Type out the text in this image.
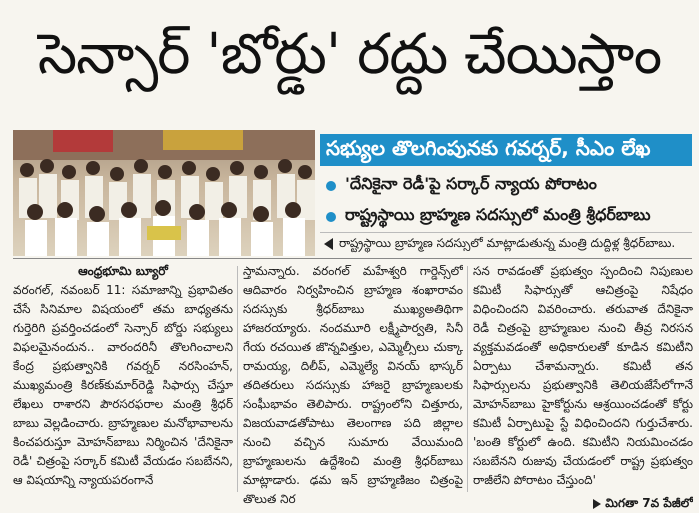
సెన్సార్ 'బోర్డు' రద్దు చేయిస్తాం
సభ్యుల తొలగింపునకు గవర్నర్, సీఎం లేఖ
'దేనికైనా రెడీ'పై సర్కార్ న్యాయ పోరాటం
రాష్ట్రస్థాయి బ్రాహ్మణ సదస్సులో మంత్రి శ్రీధర్‌బాబు
రాష్ట్రస్థాయి బ్రాహ్మణ సదస్సులో మాట్లాడుతున్న మంత్రి దుద్దిళ్ల శ్రీధర్‌బాబు.
ఆంధ్రభూమి బ్యూరో

వరంగల్, నవంబర్ 11: సమాజాన్ని ప్రభావితం చేసే సినిమాల విషయంలో తమ బాధ్యతను గుర్తెరిగి ప్రవర్తించడంలో సెన్సార్ బోర్డు సభ్యులు విఫలమైనందున.. వారందరినీ తొలగించాలని కేంద్ర ప్రభుత్వానికి గవర్నర్ నరసింహన్, ముఖ్యమంత్రి కిరణ్‌కుమార్‌రెడ్డి సిఫార్సు చేస్తూ లేఖలు రాశారని పౌరసరఫరాల మంత్రి శ్రీధర్ బాబు వెల్లడించారు. బ్రాహ్మణుల మనోభావాలను కించపరుస్తూ మోహన్‌బాబు నిర్మించిన 'దేనికైనా రెడీ' చిత్రంపై సర్కార్ కమిటీ వేయడం సబబేనని, ఆ విషయాన్ని న్యాయపరంగానే

స్తామన్నారు. వరంగల్ మహేశ్వరి గార్డెన్స్‌లో ఆదివారం నిర్వహించిన బ్రాహ్మణ శంఖారావం సదస్సుకు శ్రీధర్‌బాబు ముఖ్యఅతిథిగా హాజరయ్యారు. నందమూరి లక్ష్మీపార్వతి, సినీ గేయ రచయిత జొన్నవిత్తుల, ఎమ్మెల్సీలు చుక్కా రామయ్య, దిలీప్, ఎమ్మెల్యే వినయ్ భాస్కర్ తదితరులు సదస్సుకు హాజరై బ్రాహ్మణులకు సంఘీభావం తెలిపారు. రాష్ట్రంలోని చిత్తూరు, విజయవాడతోపాటు తెలంగాణ పది జిల్లాల నుంచి వచ్చిన సుమారు వేయిమంది బ్రాహ్మణులను ఉద్దేశించి మంత్రి శ్రీధర్‌బాబు మాట్లాడారు. ఢమ ఇన్ బ్రాహ్మణిజం చిత్రంపై తొలుత నిర

సన రావడంతో ప్రభుత్వం స్పందించి నిపుణుల కమిటీ సిఫార్సుతో ఆచిత్రంపై నిషేధం విధించిందని వివరించారు. తరువాత దేనికైనా రెడీ చిత్రంపై బ్రాహ్మణుల నుంచి తీవ్ర నిరసన వ్యక్తమవడంతో అధికారులతో కూడిన కమిటీని ఏర్పాటు చేశామన్నారు. కమిటీ తన సిఫార్సులను ప్రభుత్వానికి తెలియజేసేలోగానే మోహన్‌బాబు హైకోర్టును ఆశ్రయించడంతో కోర్టు కమిటీ ఏర్పాటుపై స్టే విధించిందని గుర్తుచేశారు. 'బంతి కోర్టులో ఉంది. కమిటీని నియమించడం సబబేనని రుజువు చేయడంలో రాష్ట్ర ప్రభుత్వం రాజీలేని పోరాటం చేస్తుంది'

మిగతా 7వ పేజీలో
